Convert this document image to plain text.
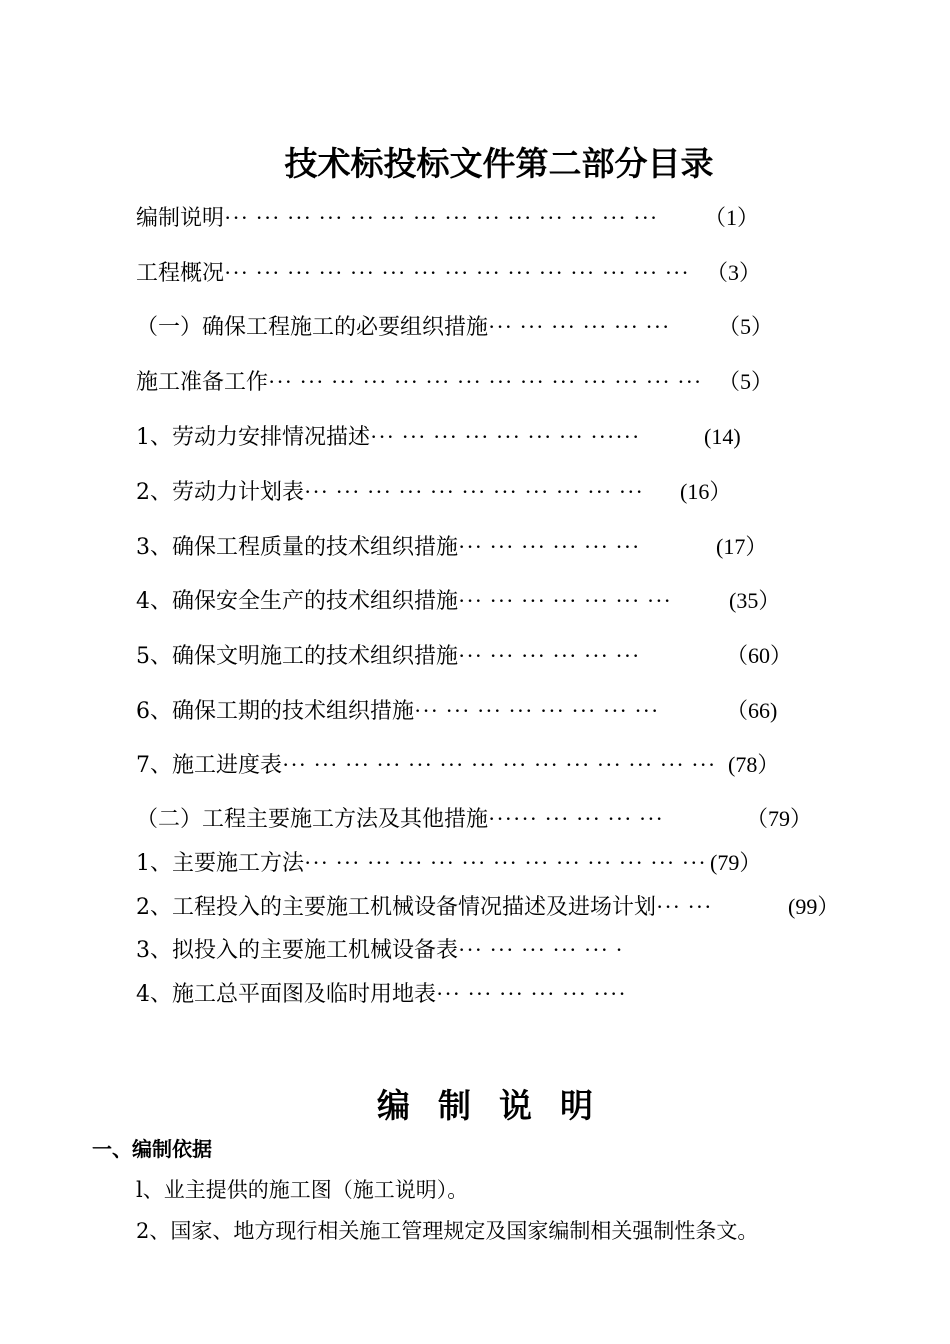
技术标投标文件第二部分目录
编制说明··· ··· ··· ··· ··· ··· ··· ··· ··· ··· ··· ··· ··· ··· （1）
工程概况··· ··· ··· ··· ··· ··· ··· ··· ··· ··· ··· ··· ··· ··· ··· （3）
（一）确保工程施工的必要组织措施··· ··· ··· ··· ··· ··· （5）
施工准备工作··· ··· ··· ··· ··· ··· ··· ··· ··· ··· ··· ··· ··· ··· （5）
1、劳动力安排情况描述··· ··· ··· ··· ··· ··· ··· ······	(14)
2、劳动力计划表··· ··· ··· ··· ··· ··· ··· ··· ··· ··· ··· (16）
3、确保工程质量的技术组织措施··· ··· ··· ··· ··· ···	(17）
4、确保安全生产的技术组织措施··· ··· ··· ··· ··· ··· ···	(35）
5、确保文明施工的技术组织措施··· ··· ··· ··· ··· ···	（60）
6、确保工期的技术组织措施··· ··· ··· ··· ··· ··· ··· ···	（66)
7、施工进度表··· ··· ··· ··· ··· ··· ··· ··· ··· ··· ··· ··· ··· ··· (78）
（二）工程主要施工方法及其他措施······ ··· ··· ··· ···	（79）
1、主要施工方法··· ··· ··· ··· ··· ··· ··· ··· ··· ··· ··· ··· ··· (79）
2、工程投入的主要施工机械设备情况描述及进场计划··· ···	(99）
3、拟投入的主要施工机械设备表··· ··· ··· ··· ··· ·
4、施工总平面图及临时用地表··· ··· ··· ··· ··· ····
编制说明
一、编制依据

l、业主提供的施工图（施工说明）。

2、国家、地方现行相关施工管理规定及国家编制相关强制性条文。
